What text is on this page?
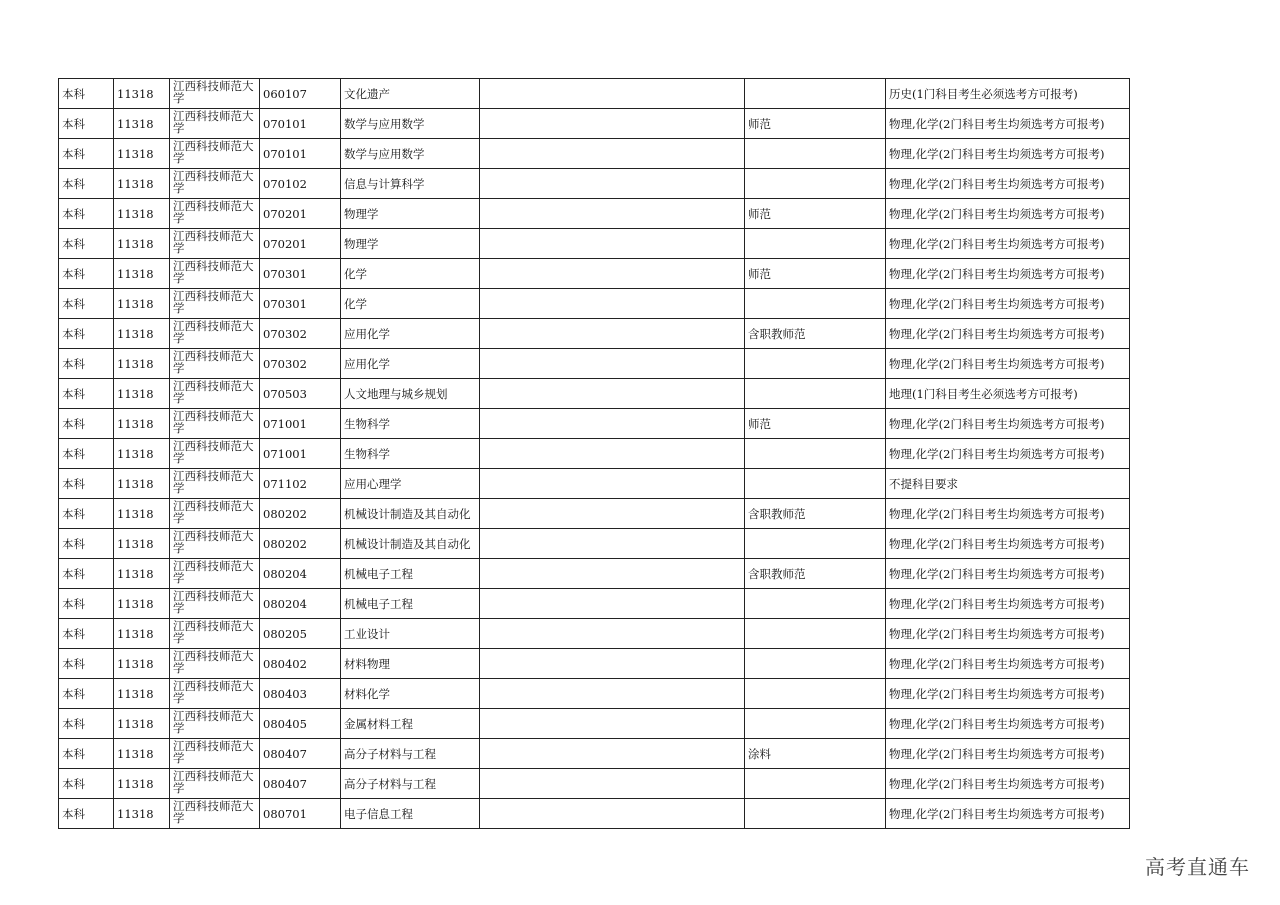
本科	11318	江西科技师范大学	060107	文化遗产			历史(1门科目考生必须选考方可报考)
本科	11318	江西科技师范大学	070101	数学与应用数学		师范	物理,化学(2门科目考生均须选考方可报考)
本科	11318	江西科技师范大学	070101	数学与应用数学			物理,化学(2门科目考生均须选考方可报考)
本科	11318	江西科技师范大学	070102	信息与计算科学			物理,化学(2门科目考生均须选考方可报考)
本科	11318	江西科技师范大学	070201	物理学		师范	物理,化学(2门科目考生均须选考方可报考)
本科	11318	江西科技师范大学	070201	物理学			物理,化学(2门科目考生均须选考方可报考)
本科	11318	江西科技师范大学	070301	化学		师范	物理,化学(2门科目考生均须选考方可报考)
本科	11318	江西科技师范大学	070301	化学			物理,化学(2门科目考生均须选考方可报考)
本科	11318	江西科技师范大学	070302	应用化学		含职教师范	物理,化学(2门科目考生均须选考方可报考)
本科	11318	江西科技师范大学	070302	应用化学			物理,化学(2门科目考生均须选考方可报考)
本科	11318	江西科技师范大学	070503	人文地理与城乡规划			地理(1门科目考生必须选考方可报考)
本科	11318	江西科技师范大学	071001	生物科学		师范	物理,化学(2门科目考生均须选考方可报考)
本科	11318	江西科技师范大学	071001	生物科学			物理,化学(2门科目考生均须选考方可报考)
本科	11318	江西科技师范大学	071102	应用心理学			不提科目要求
本科	11318	江西科技师范大学	080202	机械设计制造及其自动化		含职教师范	物理,化学(2门科目考生均须选考方可报考)
本科	11318	江西科技师范大学	080202	机械设计制造及其自动化			物理,化学(2门科目考生均须选考方可报考)
本科	11318	江西科技师范大学	080204	机械电子工程		含职教师范	物理,化学(2门科目考生均须选考方可报考)
本科	11318	江西科技师范大学	080204	机械电子工程			物理,化学(2门科目考生均须选考方可报考)
本科	11318	江西科技师范大学	080205	工业设计			物理,化学(2门科目考生均须选考方可报考)
本科	11318	江西科技师范大学	080402	材料物理			物理,化学(2门科目考生均须选考方可报考)
本科	11318	江西科技师范大学	080403	材料化学			物理,化学(2门科目考生均须选考方可报考)
本科	11318	江西科技师范大学	080405	金属材料工程			物理,化学(2门科目考生均须选考方可报考)
本科	11318	江西科技师范大学	080407	高分子材料与工程		涂料	物理,化学(2门科目考生均须选考方可报考)
本科	11318	江西科技师范大学	080407	高分子材料与工程			物理,化学(2门科目考生均须选考方可报考)
本科	11318	江西科技师范大学	080701	电子信息工程			物理,化学(2门科目考生均须选考方可报考)
高考直通车
